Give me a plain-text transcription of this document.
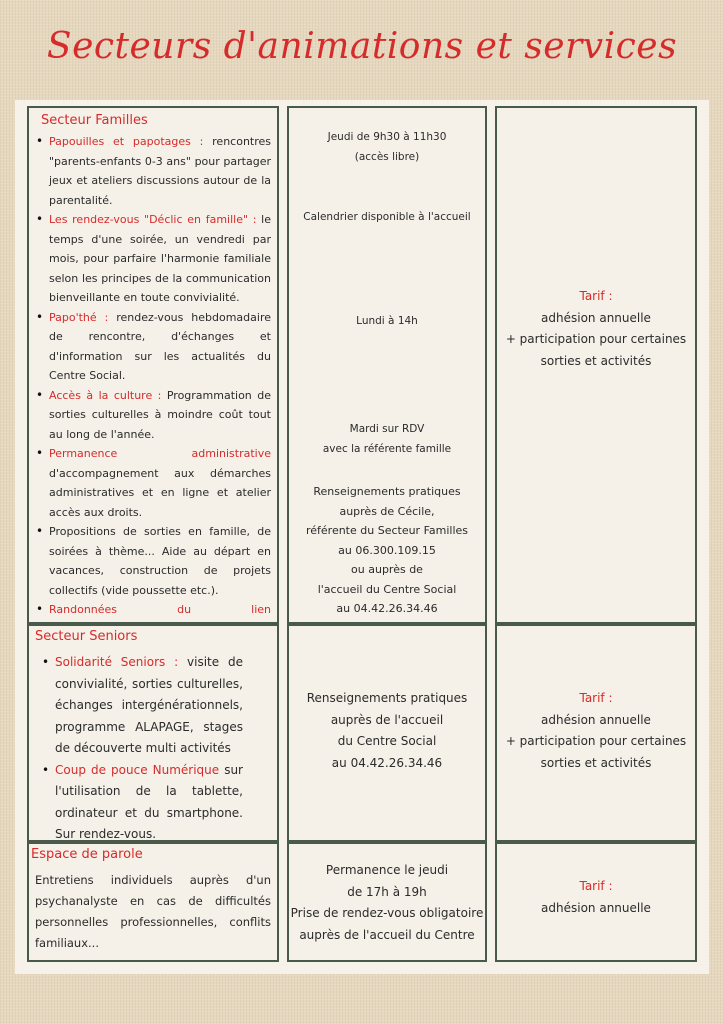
Secteurs d'animations et services
Secteur Familles
• Papouilles et papotages : rencontres "parents-enfants 0-3 ans" pour partager jeux et ateliers discussions autour de la parentalité.
• Les rendez-vous "Déclic en famille" : le temps d'une soirée, un vendredi par mois, pour parfaire l'harmonie familiale selon les principes de la communication bienveillante en toute convivialité.
• Papo'thé : rendez-vous hebdomadaire de rencontre, d'échanges et d'information sur les actualités du Centre Social.
• Accès à la culture : Programmation de sorties culturelles à moindre coût tout au long de l'année.
• Permanence administrative d'accompagnement aux démarches administratives et en ligne et atelier accès aux droits.
• Propositions de sorties en famille, de soirées à thème... Aide au départ en vacances, construction de projets collectifs (vide poussette etc.).
• Randonnées du lien
Jeudi de 9h30 à 11h30
(accès libre)
Calendrier disponible à l'accueil
Lundi à 14h
Mardi sur RDV
avec la référente famille
Renseignements pratiques
auprès de Cécile,
référente du Secteur Familles
au 06.300.109.15
ou auprès de
l'accueil du Centre Social
au 04.42.26.34.46
Tarif :
adhésion annuelle
+ participation pour certaines
sorties et activités
Secteur Seniors
• Solidarité Seniors : visite de convivialité, sorties culturelles, échanges intergénérationnels, programme ALAPAGE, stages de découverte multi activités
• Coup de pouce Numérique sur l'utilisation de la tablette, ordinateur et du smartphone. Sur rendez-vous.
Renseignements pratiques
auprès de l'accueil
du Centre Social
au 04.42.26.34.46
Tarif :
adhésion annuelle
+ participation pour certaines
sorties et activités
Espace de parole
Entretiens individuels auprès d'un psychanalyste en cas de difficultés personnelles professionnelles, conflits familiaux...
Permanence le jeudi
de 17h à 19h
Prise de rendez-vous obligatoire
auprès de l'accueil du Centre
Tarif :
adhésion annuelle
